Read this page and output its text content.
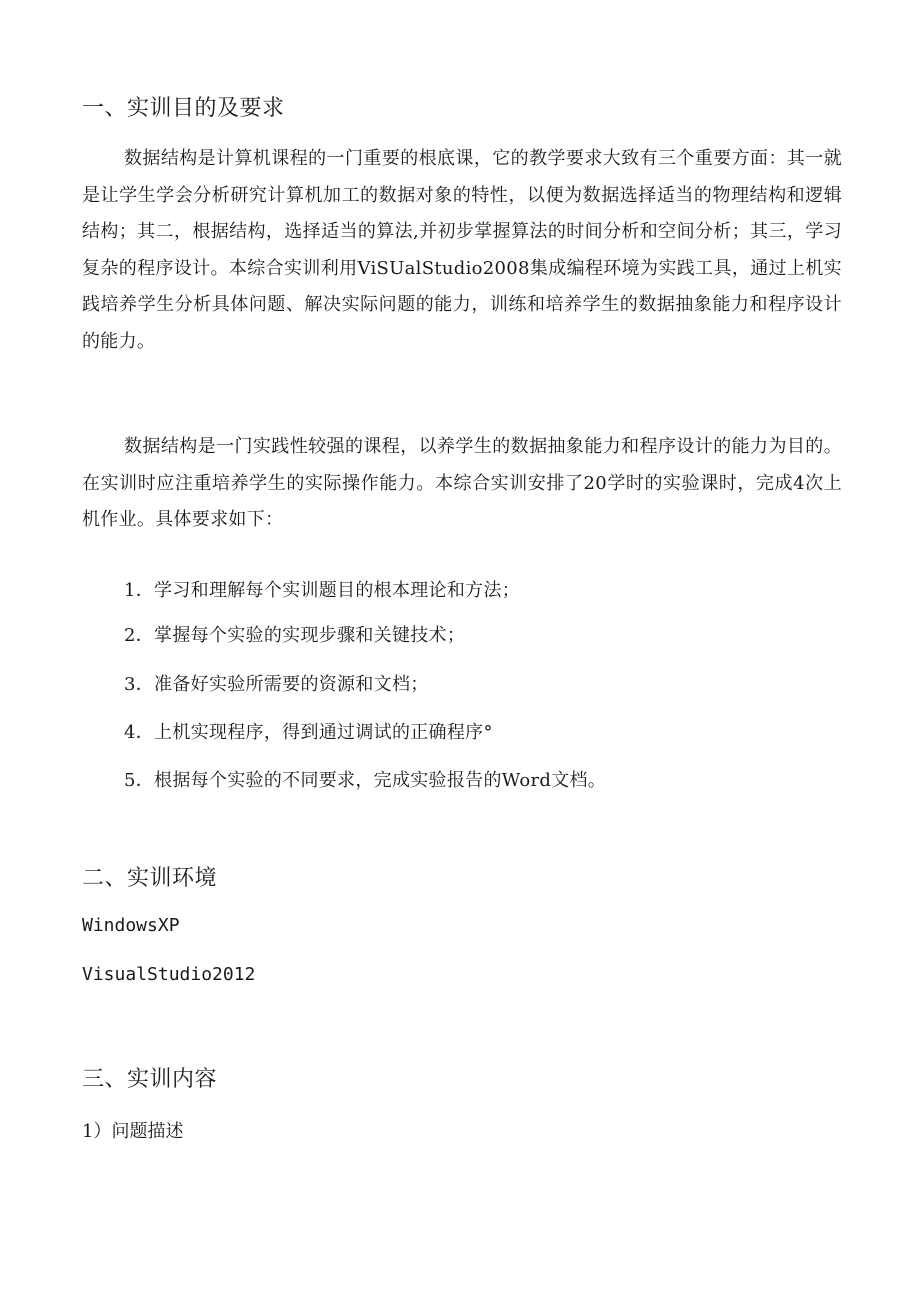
一、实训目的及要求
数据结构是计算机课程的一门重要的根底课，它的教学要求大致有三个重要方面：其一就是让学生学会分析研究计算机加工的数据对象的特性，以便为数据选择适当的物理结构和逻辑结构；其二，根据结构，选择适当的算法,并初步掌握算法的时间分析和空间分析；其三，学习复杂的程序设计。本综合实训利用ViSUalStudio2008集成编程环境为实践工具，通过上机实践培养学生分析具体问题、解决实际问题的能力，训练和培养学生的数据抽象能力和程序设计的能力。
数据结构是一门实践性较强的课程，以养学生的数据抽象能力和程序设计的能力为目的。在实训时应注重培养学生的实际操作能力。本综合实训安排了20学时的实验课时，完成4次上机作业。具体要求如下：
1．学习和理解每个实训题目的根本理论和方法；
2．掌握每个实验的实现步骤和关键技术；
3．准备好实验所需要的资源和文档；
4．上机实现程序，得到通过调试的正确程序°
5．根据每个实验的不同要求，完成实验报告的Word文档。
二、实训环境
WindowsXP
VisualStudio2012
三、实训内容
1）问题描述
